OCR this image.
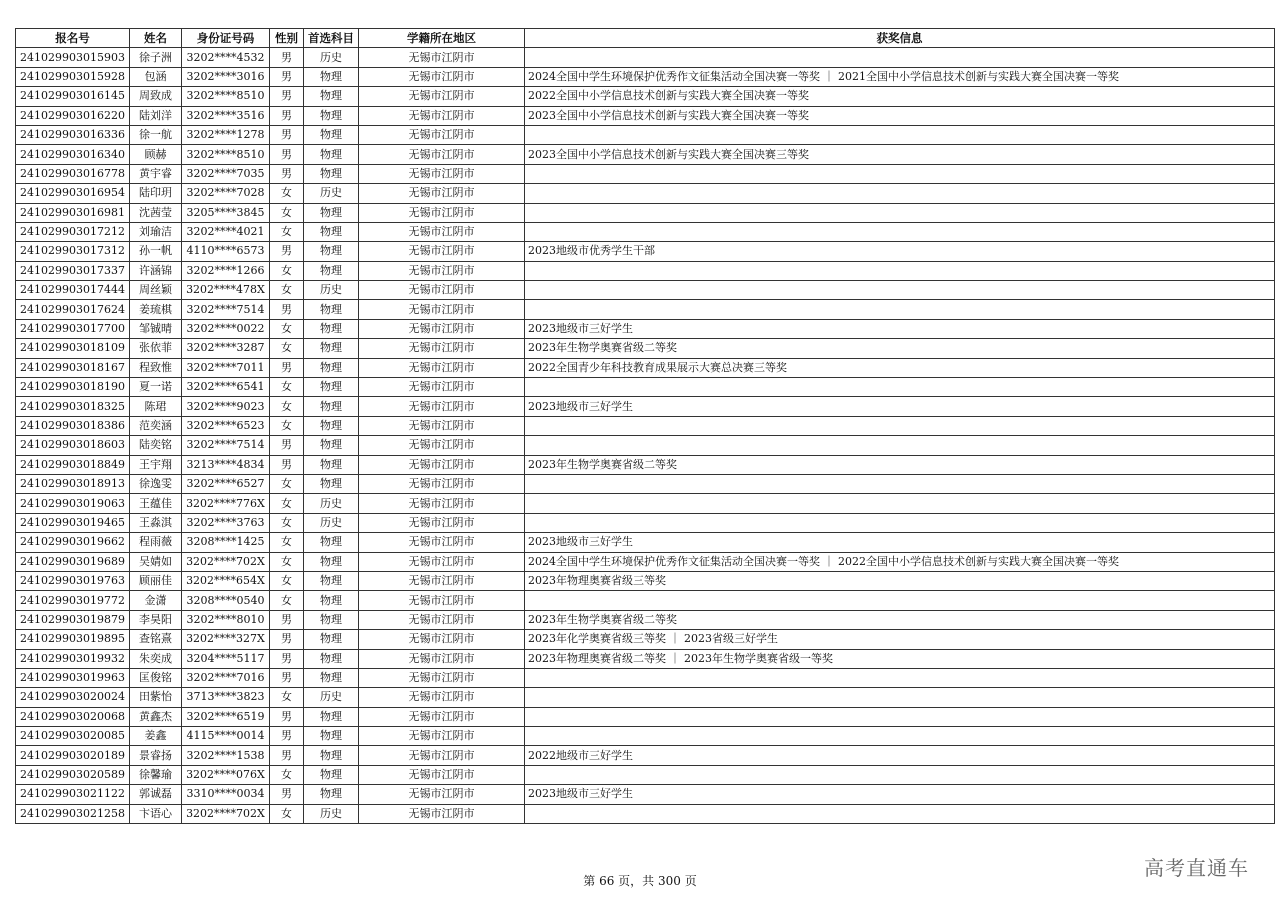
报名号	姓名	身份证号码	性别	首选科目	学籍所在地区	获奖信息
241029903015903	徐子洲	3202****4532	男	历史	无锡市江阴市	
241029903015928	包涵	3202****3016	男	物理	无锡市江阴市	2024全国中学生环境保护优秀作文征集活动全国决赛一等奖 ｜ 2021全国中小学信息技术创新与实践大赛全国决赛一等奖
241029903016145	周致成	3202****8510	男	物理	无锡市江阴市	2022全国中小学信息技术创新与实践大赛全国决赛一等奖
241029903016220	陆刘洋	3202****3516	男	物理	无锡市江阴市	2023全国中小学信息技术创新与实践大赛全国决赛一等奖
241029903016336	徐一航	3202****1278	男	物理	无锡市江阴市	
241029903016340	顾赫	3202****8510	男	物理	无锡市江阴市	2023全国中小学信息技术创新与实践大赛全国决赛三等奖
241029903016778	黄宇睿	3202****7035	男	物理	无锡市江阴市	
241029903016954	陆印玥	3202****7028	女	历史	无锡市江阴市	
241029903016981	沈茜莹	3205****3845	女	物理	无锡市江阴市	
241029903017212	刘瑜洁	3202****4021	女	物理	无锡市江阴市	
241029903017312	孙一帆	4110****6573	男	物理	无锡市江阴市	2023地级市优秀学生干部
241029903017337	许涵锦	3202****1266	女	物理	无锡市江阴市	
241029903017444	周丝颖	3202****478X	女	历史	无锡市江阴市	
241029903017624	姜琉棋	3202****7514	男	物理	无锡市江阴市	
241029903017700	邹铖晴	3202****0022	女	物理	无锡市江阴市	2023地级市三好学生
241029903018109	张依菲	3202****3287	女	物理	无锡市江阴市	2023年生物学奥赛省级二等奖
241029903018167	程致惟	3202****7011	男	物理	无锡市江阴市	2022全国青少年科技教育成果展示大赛总决赛三等奖
241029903018190	夏一诺	3202****6541	女	物理	无锡市江阴市	
241029903018325	陈珺	3202****9023	女	物理	无锡市江阴市	2023地级市三好学生
241029903018386	范奕涵	3202****6523	女	物理	无锡市江阴市	
241029903018603	陆奕铭	3202****7514	男	物理	无锡市江阴市	
241029903018849	王宇翔	3213****4834	男	物理	无锡市江阴市	2023年生物学奥赛省级二等奖
241029903018913	徐逸雯	3202****6527	女	物理	无锡市江阴市	
241029903019063	王蕴佳	3202****776X	女	历史	无锡市江阴市	
241029903019465	王淼淇	3202****3763	女	历史	无锡市江阴市	
241029903019662	程雨薇	3208****1425	女	物理	无锡市江阴市	2023地级市三好学生
241029903019689	吴婧如	3202****702X	女	物理	无锡市江阴市	2024全国中学生环境保护优秀作文征集活动全国决赛一等奖 ｜ 2022全国中小学信息技术创新与实践大赛全国决赛一等奖
241029903019763	顾丽佳	3202****654X	女	物理	无锡市江阴市	2023年物理奥赛省级三等奖
241029903019772	金潇	3208****0540	女	物理	无锡市江阴市	
241029903019879	李昊阳	3202****8010	男	物理	无锡市江阴市	2023年生物学奥赛省级二等奖
241029903019895	查铭熹	3202****327X	男	物理	无锡市江阴市	2023年化学奥赛省级三等奖 ｜ 2023省级三好学生
241029903019932	朱奕成	3204****5117	男	物理	无锡市江阴市	2023年物理奥赛省级二等奖 ｜ 2023年生物学奥赛省级一等奖
241029903019963	匡俊铭	3202****7016	男	物理	无锡市江阴市	
241029903020024	田紫怡	3713****3823	女	历史	无锡市江阴市	
241029903020068	黄鑫杰	3202****6519	男	物理	无锡市江阴市	
241029903020085	姜鑫	4115****0014	男	物理	无锡市江阴市	
241029903020189	景睿扬	3202****1538	男	物理	无锡市江阴市	2022地级市三好学生
241029903020589	徐馨瑜	3202****076X	女	物理	无锡市江阴市	
241029903021122	郭诚磊	3310****0034	男	物理	无锡市江阴市	2023地级市三好学生
241029903021258	卞语心	3202****702X	女	历史	无锡市江阴市	
第 66 页，共 300 页
高考直通车
